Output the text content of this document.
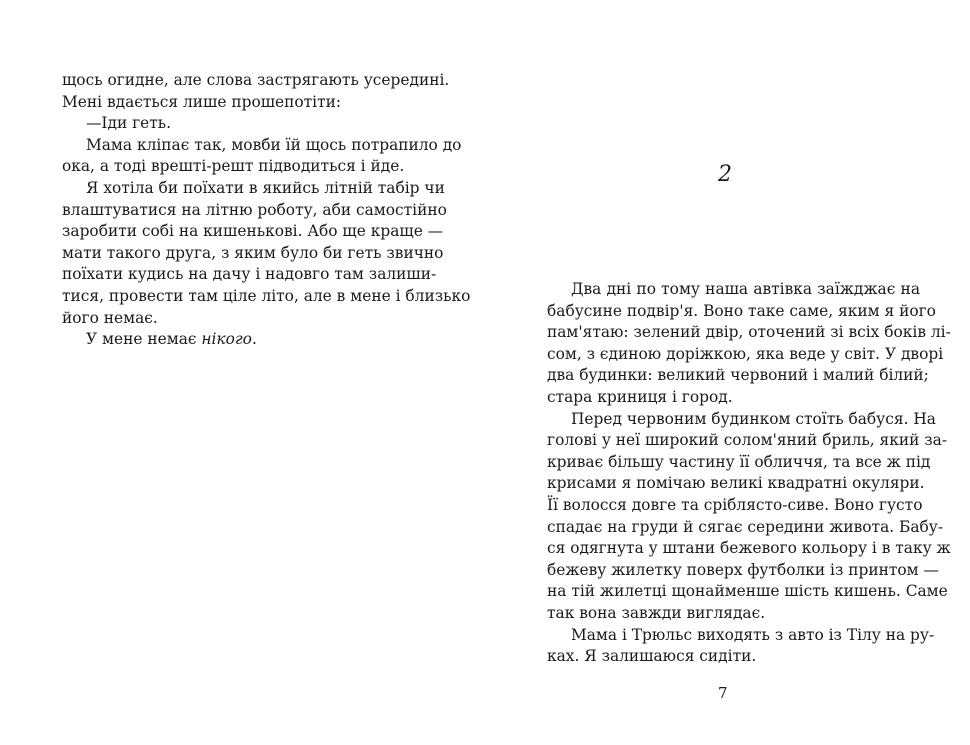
щось огидне, але слова застрягають усередині.
Мені вдається лише прошепотіти:
—Іди геть.
Мама кліпає так, мовби їй щось потрапило до
ока, а тоді врешті-решт підводиться і йде.
Я хотіла би поїхати в якийсь літній табір чи
влаштуватися на літню роботу, аби самостійно
заробити собі на кишенькові. Або ще краще —
мати такого друга, з яким було би геть звично
поїхати кудись на дачу і надовго там залиши-
тися, провести там ціле літо, але в мене і близько
його немає.
У мене немає нікого.
2
Два дні по тому наша автівка заїжджає на
бабусине подвір'я. Воно таке саме, яким я його
пам'ятаю: зелений двір, оточений зі всіх боків лі-
сом, з єдиною доріжкою, яка веде у світ. У дворі
два будинки: великий червоний і малий білий;
стара криниця і город.
Перед червоним будинком стоїть бабуся. На
голові у неї широкий солом'яний бриль, який за-
криває більшу частину її обличчя, та все ж під
крисами я помічаю великі квадратні окуляри.
Її волосся довге та сріблясто-сиве. Воно густо
спадає на груди й сягає середини живота. Бабу-
ся одягнута у штани бежевого кольору і в таку ж
бежеву жилетку поверх футболки із принтом —
на тій жилетці щонайменше шість кишень. Саме
так вона завжди виглядає.
Мама і Трюльс виходять з авто із Тілу на ру-
ках. Я залишаюся сидіти.
7
